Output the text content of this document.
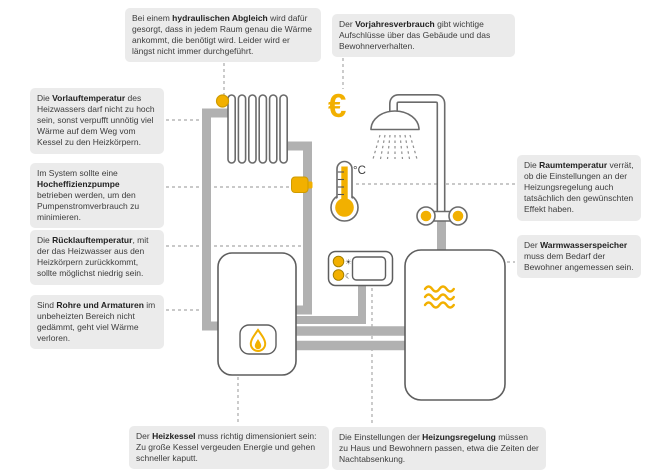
☀
☾
°C
€
Bei einem hydraulischen Abgleich wird dafür gesorgt, dass in jedem Raum genau die Wärme ankommt, die benötigt wird. Leider wird er längst nicht immer durchgeführt.
Der Vorjahresverbrauch gibt wichtige Aufschlüsse über das Gebäude und das Bewohnerverhalten.
Die Vorlauftemperatur des Heizwassers darf nicht zu hoch sein, sonst verpufft unnötig viel Wärme auf dem Weg vom Kessel zu den Heizkörpern.
Im System sollte eine Hocheffizienzpumpe betrieben werden, um den Pumpenstromverbrauch zu minimieren.
Die Rücklauftemperatur, mit der das Heizwasser aus den Heizkörpern zurückkommt, sollte möglichst niedrig sein.
Sind Rohre und Armaturen im unbeheizten Bereich nicht gedämmt, geht viel Wärme verloren.
Die Raumtemperatur verrät, ob die Einstellungen an der Heizungsregelung auch tatsächlich den gewünschten Effekt haben.
Der Warmwasserspeicher muss dem Bedarf der Bewohner angemessen sein.
Der Heizkessel muss richtig dimensioniert sein: Zu große Kessel vergeuden Energie und gehen schneller kaputt.
Die Einstellungen der Heizungsregelung müssen zu Haus und Bewohnern passen, etwa die Zeiten der Nachtabsenkung.
